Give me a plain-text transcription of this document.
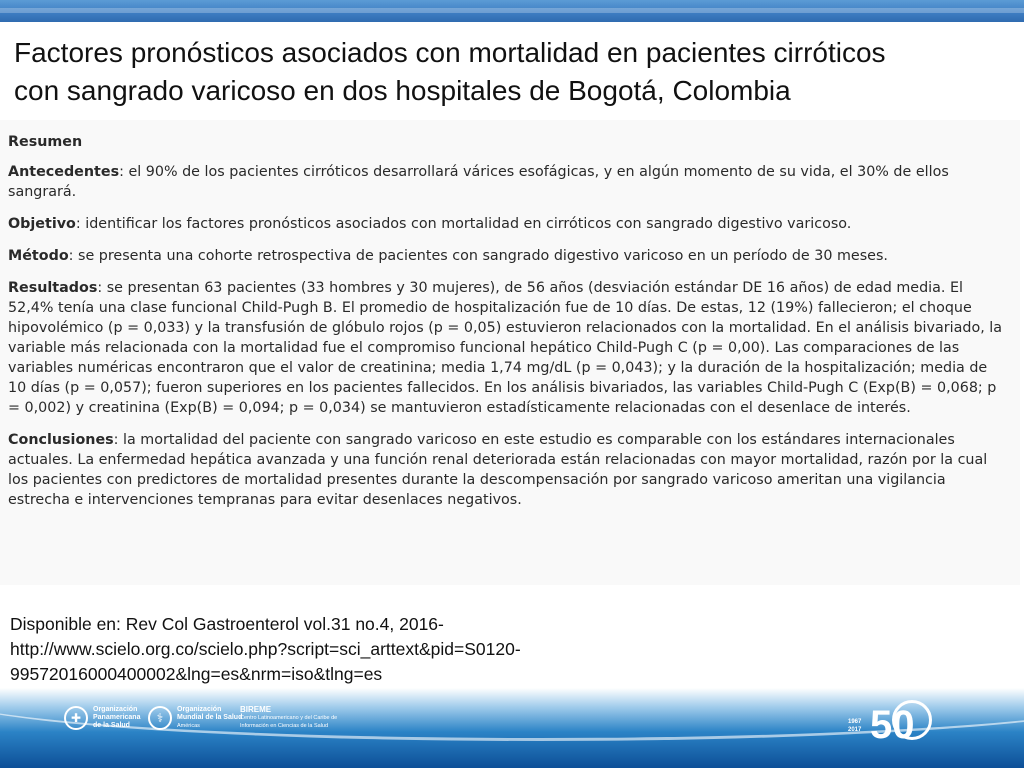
Factores pronósticos asociados con mortalidad en pacientes cirróticos
con sangrado varicoso en dos hospitales de Bogotá, Colombia

Resumen

Antecedentes: el 90% de los pacientes cirróticos desarrollará várices esofágicas, y en algún momento de su vida, el 30% de ellos sangrará.

Objetivo: identificar los factores pronósticos asociados con mortalidad en cirróticos con sangrado digestivo varicoso.

Método: se presenta una cohorte retrospectiva de pacientes con sangrado digestivo varicoso en un período de 30 meses.

Resultados: se presentan 63 pacientes (33 hombres y 30 mujeres), de 56 años (desviación estándar DE 16 años) de edad media. El 52,4% tenía una clase funcional Child-Pugh B. El promedio de hospitalización fue de 10 días. De estas, 12 (19%) fallecieron; el choque hipovolémico (p = 0,033) y la transfusión de glóbulo rojos (p = 0,05) estuvieron relacionados con la mortalidad. En el análisis bivariado, la variable más relacionada con la mortalidad fue el compromiso funcional hepático Child-Pugh C (p = 0,00). Las comparaciones de las variables numéricas encontraron que el valor de creatinina; media 1,74 mg/dL (p = 0,043); y la duración de la hospitalización; media de 10 días (p = 0,057); fueron superiores en los pacientes fallecidos. En los análisis bivariados, las variables Child-Pugh C (Exp(B) = 0,068; p = 0,002) y creatinina (Exp(B) = 0,094; p = 0,034) se mantuvieron estadísticamente relacionadas con el desenlace de interés.

Conclusiones: la mortalidad del paciente con sangrado varicoso en este estudio es comparable con los estándares internacionales actuales. La enfermedad hepática avanzada y una función renal deteriorada están relacionadas con mayor mortalidad, razón por la cual los pacientes con predictores de mortalidad presentes durante la descompensación por sangrado varicoso ameritan una vigilancia estrecha e intervenciones tempranas para evitar desenlaces negativos.

Disponible en: Rev Col Gastroenterol vol.31 no.4, 2016-
http://www.scielo.org.co/scielo.php?script=sci_arttext&pid=S0120-
99572016000400002&lng=es&nrm=iso&tlng=es
✚
Organización
Panamericana
de la Salud
⚕
Organización
Mundial de la Salud
Américas
BIREME
Centro Latinoamericano y del Caribe de
Información en Ciencias de la Salud
1967
2017 50
